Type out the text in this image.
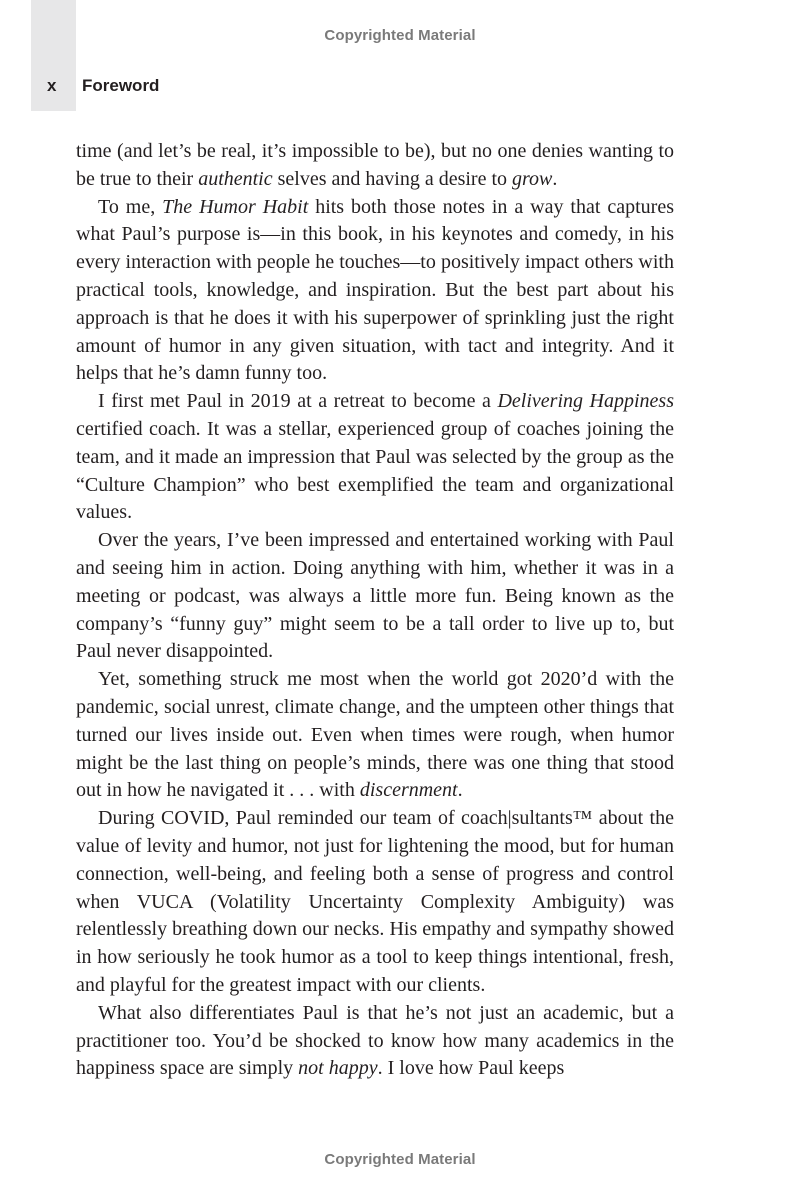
Copyrighted Material
x Foreword

time (and let’s be real, it’s impossible to be), but no one denies wanting to be true to their authentic selves and having a desire to grow.

To me, The Humor Habit hits both those notes in a way that captures what Paul’s purpose is—in this book, in his keynotes and comedy, in his every interaction with people he touches—to positively impact others with practical tools, knowledge, and inspiration. But the best part about his approach is that he does it with his superpower of sprinkling just the right amount of humor in any given situation, with tact and integrity. And it helps that he’s damn funny too.

I first met Paul in 2019 at a retreat to become a Delivering Happiness certified coach. It was a stellar, experienced group of coaches joining the team, and it made an impression that Paul was selected by the group as the “Culture Champion” who best exemplified the team and organizational values.

Over the years, I’ve been impressed and entertained working with Paul and seeing him in action. Doing anything with him, whether it was in a meeting or podcast, was always a little more fun. Being known as the company’s “funny guy” might seem to be a tall order to live up to, but Paul never disappointed.

Yet, something struck me most when the world got 2020’d with the pandemic, social unrest, climate change, and the umpteen other things that turned our lives inside out. Even when times were rough, when humor might be the last thing on people’s minds, there was one thing that stood out in how he navigated it . . . with discernment.

During COVID, Paul reminded our team of coach|sultants™ about the value of levity and humor, not just for lightening the mood, but for human connection, well-being, and feeling both a sense of progress and control when VUCA (Volatility Uncertainty Complexity Ambiguity) was relentlessly breathing down our necks. His empathy and sympathy showed in how seriously he took humor as a tool to keep things intentional, fresh, and playful for the greatest impact with our clients.

What also differentiates Paul is that he’s not just an academic, but a practitioner too. You’d be shocked to know how many academics in the happiness space are simply not happy. I love how Paul keeps

Copyrighted Material
